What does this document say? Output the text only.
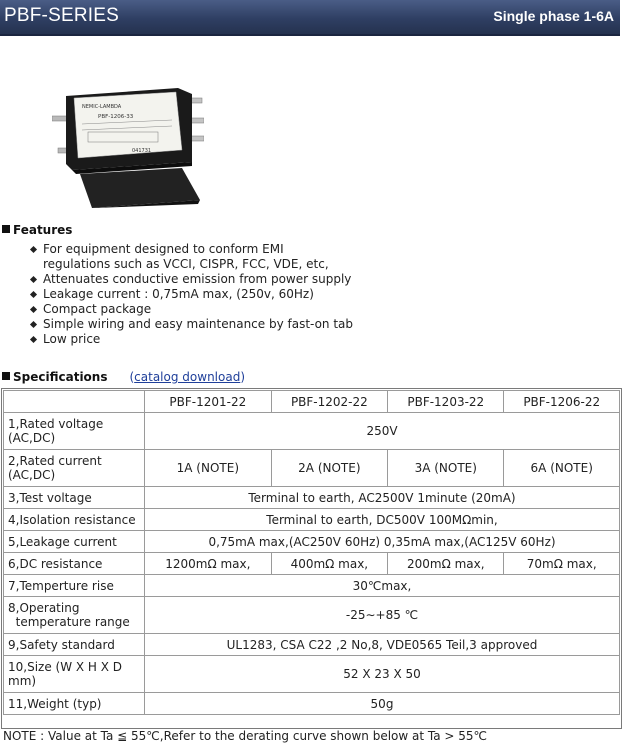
PBF-SERIES	Single phase 1-6A
NEMIC-LAMBDA
PBF-1206-33
041731
Features
For equipment designed to conform EMI
regulations such as VCCI, CISPR, FCC, VDE, etc,
Attenuates conductive emission from power supply
Leakage current : 0,75mA max, (250v, 60Hz)
Compact package
Simple wiring and easy maintenance by fast-on tab
Low price
Specifications (catalog download)
	PBF-1201-22	PBF-1202-22	PBF-1203-22	PBF-1206-22
1,Rated voltage
(AC,DC)	250V			
2,Rated current
(AC,DC)	1A (NOTE)	2A (NOTE)	3A (NOTE)	6A (NOTE)
3,Test voltage	Terminal to earth, AC2500V 1minute (20mA)			
4,Isolation resistance	Terminal to earth, DC500V 100MΩmin,			
5,Leakage current	0,75mA max,(AC250V 60Hz) 0,35mA max,(AC125V 60Hz)			
6,DC resistance	1200mΩ max,	400mΩ max,	200mΩ max,	70mΩ max,
7,Temperture rise	30℃max,			
8,Operating
temperature range	-25∼+85 ℃			
9,Safety standard	UL1283, CSA C22 ,2 No,8, VDE0565 Teil,3 approved			
10,Size (W X H X D
mm)	52 X 23 X 50			
11,Weight (typ)	50g			
NOTE : Value at Ta ≦ 55℃,Refer to the derating curve shown below at Ta > 55℃
